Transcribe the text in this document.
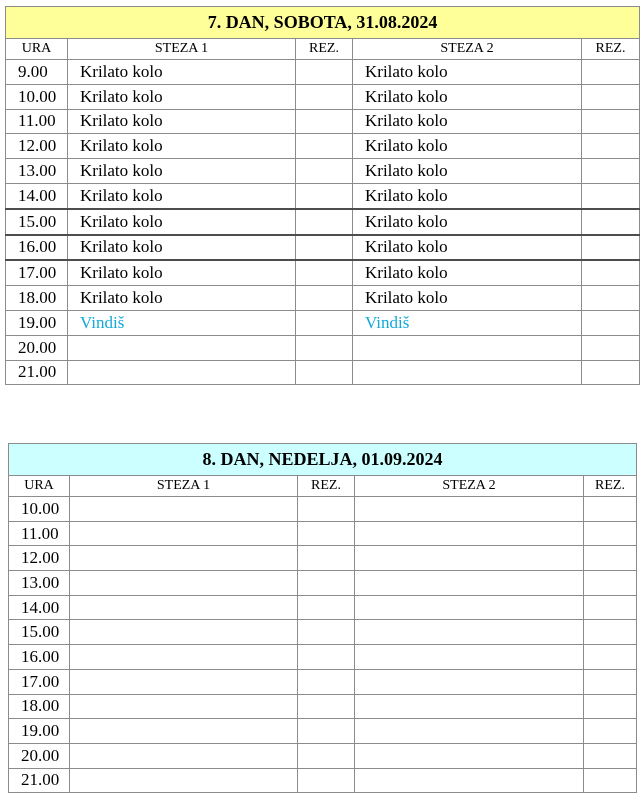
7. DAN, SOBOTA, 31.08.2024				
URA	STEZA 1	REZ.	STEZA 2	REZ.
9.00	Krilato kolo		Krilato kolo	
10.00	Krilato kolo		Krilato kolo	
11.00	Krilato kolo		Krilato kolo	
12.00	Krilato kolo		Krilato kolo	
13.00	Krilato kolo		Krilato kolo	
14.00	Krilato kolo		Krilato kolo	
15.00	Krilato kolo		Krilato kolo	
16.00	Krilato kolo		Krilato kolo	
17.00	Krilato kolo		Krilato kolo	
18.00	Krilato kolo		Krilato kolo	
19.00	Vindiš		Vindiš	
20.00				
21.00				
8. DAN, NEDELJA, 01.09.2024				
URA	STEZA 1	REZ.	STEZA 2	REZ.
10.00				
11.00				
12.00				
13.00				
14.00				
15.00				
16.00				
17.00				
18.00				
19.00				
20.00				
21.00				
